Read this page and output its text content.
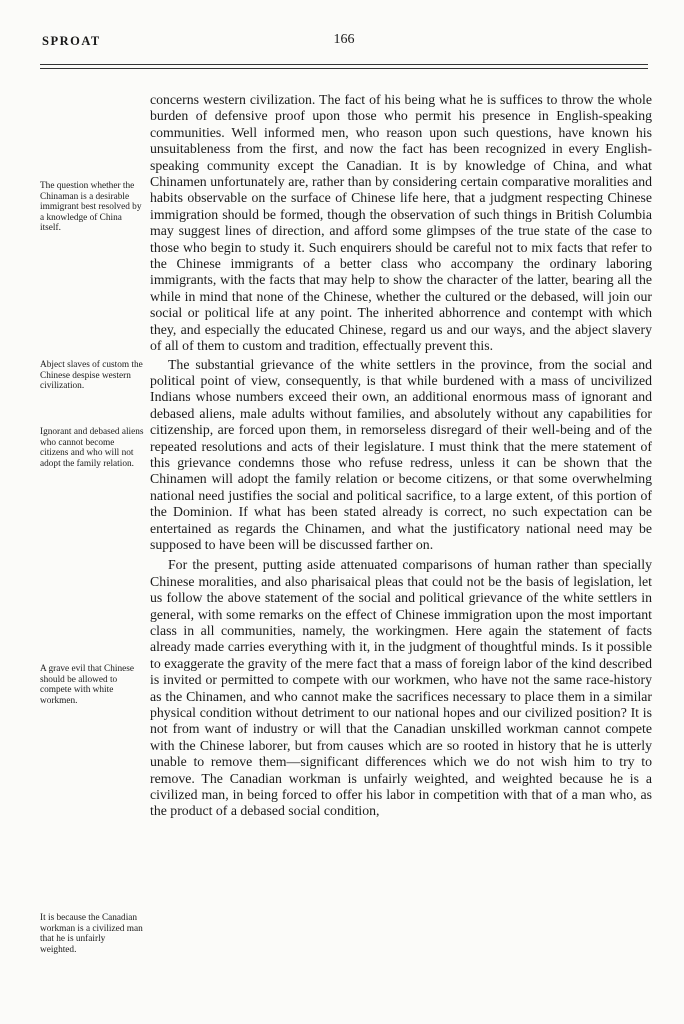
SPROAT	166
The question whether the Chinaman is a desirable immigrant best resolved by a knowledge of China itself.
Abject slaves of custom the Chinese despise western civilization.
Ignorant and debased aliens who cannot become citizens and who will not adopt the family relation.
A grave evil that Chinese should be allowed to compete with white workmen.
It is because the Canadian workman is a civilized man that he is unfairly weighted.

concerns western civilization. The fact of his being what he is suffices to throw the whole burden of defensive proof upon those who permit his presence in English-speaking communities. Well informed men, who reason upon such questions, have known his unsuitableness from the first, and now the fact has been recognized in every English-speaking community except the Canadian. It is by knowledge of China, and what Chinamen unfortunately are, rather than by considering certain comparative moralities and habits observable on the surface of Chinese life here, that a judgment respecting Chinese immigration should be formed, though the observation of such things in British Columbia may suggest lines of direction, and afford some glimpses of the true state of the case to those who begin to study it. Such enquirers should be careful not to mix facts that refer to the Chinese immigrants of a better class who accompany the ordinary laboring immigrants, with the facts that may help to show the character of the latter, bearing all the while in mind that none of the Chinese, whether the cultured or the debased, will join our social or political life at any point. The inherited abhorrence and contempt with which they, and especially the educated Chinese, regard us and our ways, and the abject slavery of all of them to custom and tradition, effectually prevent this.

The substantial grievance of the white settlers in the province, from the social and political point of view, consequently, is that while burdened with a mass of uncivilized Indians whose numbers exceed their own, an additional enormous mass of ignorant and debased aliens, male adults without families, and absolutely without any capabilities for citizenship, are forced upon them, in remorseless disregard of their well-being and of the repeated resolutions and acts of their legislature. I must think that the mere statement of this grievance condemns those who refuse redress, unless it can be shown that the Chinamen will adopt the family relation or become citizens, or that some overwhelming national need justifies the social and political sacrifice, to a large extent, of this portion of the Dominion. If what has been stated already is correct, no such expectation can be entertained as regards the Chinamen, and what the justificatory national need may be supposed to have been will be discussed farther on.

For the present, putting aside attenuated comparisons of human rather than specially Chinese moralities, and also pharisaical pleas that could not be the basis of legislation, let us follow the above statement of the social and political grievance of the white settlers in general, with some remarks on the effect of Chinese immigration upon the most important class in all communities, namely, the workingmen. Here again the statement of facts already made carries everything with it, in the judgment of thoughtful minds. Is it possible to exaggerate the gravity of the mere fact that a mass of foreign labor of the kind described is invited or permitted to compete with our workmen, who have not the same race-history as the Chinamen, and who cannot make the sacrifices necessary to place them in a similar physical condition without detriment to our national hopes and our civilized position? It is not from want of industry or will that the Canadian unskilled workman cannot compete with the Chinese laborer, but from causes which are so rooted in history that he is utterly unable to remove them—significant differences which we do not wish him to try to remove. The Canadian workman is unfairly weighted, and weighted because he is a civilized man, in being forced to offer his labor in competition with that of a man who, as the product of a debased social condition,
